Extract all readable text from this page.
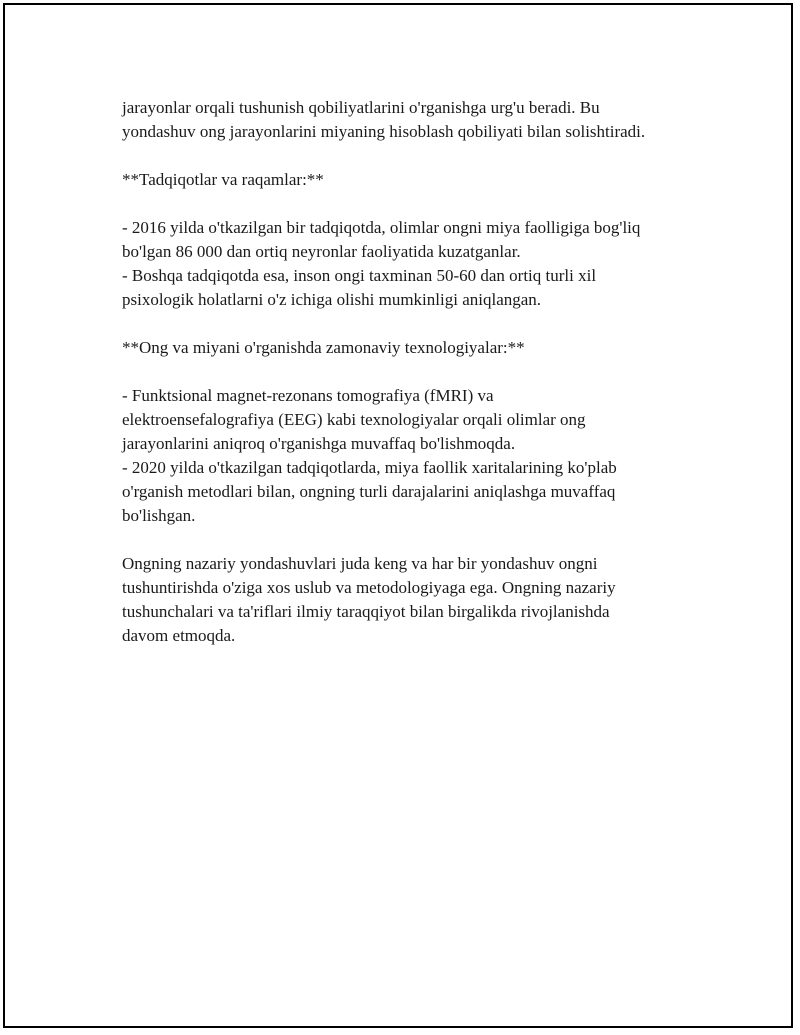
jarayonlar orqali tushunish qobiliyatlarini o'rganishga urg'u beradi. Bu
yondashuv ong jarayonlarini miyaning hisoblash qobiliyati bilan solishtiradi.

**Tadqiqotlar va raqamlar:**

- 2016 yilda o'tkazilgan bir tadqiqotda, olimlar ongni miya faolligiga bog'liq
bo'lgan 86 000 dan ortiq neyronlar faoliyatida kuzatganlar.
- Boshqa tadqiqotda esa, inson ongi taxminan 50-60 dan ortiq turli xil
psixologik holatlarni o'z ichiga olishi mumkinligi aniqlangan.

**Ong va miyani o'rganishda zamonaviy texnologiyalar:**

- Funktsional magnet-rezonans tomografiya (fMRI) va
elektroensefalografiya (EEG) kabi texnologiyalar orqali olimlar ong
jarayonlarini aniqroq o'rganishga muvaffaq bo'lishmoqda.
- 2020 yilda o'tkazilgan tadqiqotlarda, miya faollik xaritalarining ko'plab
o'rganish metodlari bilan, ongning turli darajalarini aniqlashga muvaffaq
bo'lishgan.

Ongning nazariy yondashuvlari juda keng va har bir yondashuv ongni
tushuntirishda o'ziga xos uslub va metodologiyaga ega. Ongning nazariy
tushunchalari va ta'riflari ilmiy taraqqiyot bilan birgalikda rivojlanishda
davom etmoqda.
